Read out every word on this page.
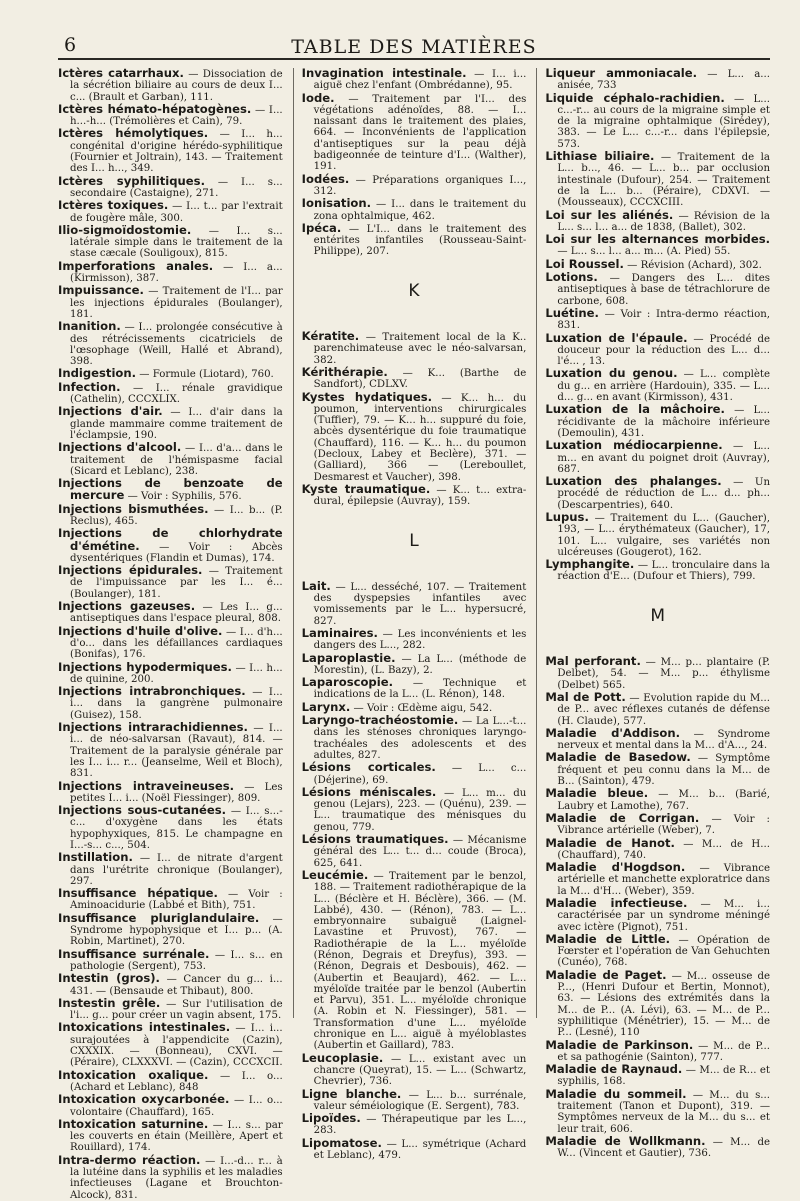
6	TABLE DES MATIÈRES
Ictères catarrhaux. — Dissociation de la sécrétion biliaire au cours de deux I... c... (Brault et Garban), 111.
Ictères hémato-hépatogènes. — I... h...-h... (Trémolières et Cain), 79.
Ictères hémolytiques. — I... h... congénital d'origine hérédo-syphilitique (Fournier et Joltrain), 143. — Traitement des I... h..., 349.
Ictères syphilitiques. — I... s... secondaire (Castaigne), 271.
Ictères toxiques. — I... t... par l'extrait de fougère mâle, 300.
Ilio-sigmoïdostomie. — I... s... latérale simple dans le traitement de la stase cæcale (Souligoux), 815.
Imperforations anales. — I... a... (Kirmisson), 387.
Impuissance. — Traitement de l'I... par les injections épidurales (Boulanger), 181.
Inanition. — I... prolongée consécutive à des rétrécissements cicatriciels de l'œsophage (Weill, Hallé et Abrand), 398.
Indigestion. — Formule (Liotard), 760.
Infection. — I... rénale gravidique (Cathelin), CCCXLIX.
Injections d'air. — I... d'air dans la glande mammaire comme traitement de l'éclampsie, 190.
Injections d'alcool. — I... d'a... dans le traitement de l'hémispasme facial (Sicard et Leblanc), 238.
Injections de benzoate de mercure — Voir : Syphilis, 576.
Injections bismuthées. — I... b... (P. Reclus), 465.
Injections de chlorhydrate d'émétine. — Voir : Abcès dysentériques (Flandin et Dumas), 174.
Injections épidurales. — Traitement de l'impuissance par les I... é... (Boulanger), 181.
Injections gazeuses. — Les I... g... antiseptiques dans l'espace pleural, 808.
Injections d'huile d'olive. — I... d'h... d'o... dans les défaillances cardiaques (Bonifas), 176.
Injections hypodermiques. — I... h... de quinine, 200.
Injections intrabronchiques. — I... i... dans la gangrène pulmonaire (Guisez), 158.
Injections intrarachidiennes. — I... i... de néo-salvarsan (Ravaut), 814. — Traitement de la paralysie générale par les I... i... r... (Jeanselme, Weil et Bloch), 831.
Injections intraveineuses. — Les petites I... i... (Noël Fiessinger), 809.
Injections sous-cutanées. — I... s...-c... d'oxygène dans les états hypophyxiques, 815. Le champagne en I...-s... c..., 504.
Instillation. — I... de nitrate d'argent dans l'urétrite chronique (Boulanger), 297.
Insuffisance hépatique. — Voir : Aminoacidurie (Labbé et Bith), 751.
Insuffisance pluriglandulaire. — Syndrome hypophysique et I... p... (A. Robin, Martinet), 270.
Insuffisance surrénale. — I... s... en pathologie (Sergent), 753.
Intestin (gros). — Cancer du g... i... 431. — (Bensaude et Thibaut), 800.
Instestin grêle. — Sur l'utilisation de l'i... g... pour créer un vagin absent, 175.
Intoxications intestinales. — I... i... surajoutées à l'appendicite (Cazin), CXXXIX. — (Bonneau), CXVI. — (Péraire), CLXXXVI. — (Cazin), CCCXCII.
Intoxication oxalique. — I... o... (Achard et Leblanc), 848
Intoxication oxycarbonée. — I... o... volontaire (Chauffard), 165.
Intoxication saturnine. — I... s... par les couverts en étain (Meillère, Apert et Rouillard), 174.
Intra-dermo réaction. — I...-d... r... à la lutéine dans la syphilis et les maladies infectieuses (Lagane et Brouchton-Alcock), 831.
Invagination intestinale. — I... i... aiguë chez l'enfant (Ombrédanne), 95.
Iode. — Traitement par l'I... des végétations adénoïdes, 88. — I... naissant dans le traitement des plaies, 664. — Inconvénients de l'application d'antiseptiques sur la peau déjà badigeonnée de teinture d'I... (Walther), 191.
Iodées. — Préparations organiques I..., 312.
Ionisation. — I... dans le traitement du zona ophtalmique, 462.
Ipéca. — L'I... dans le traitement des entérites infantiles (Rousseau-Saint-Philippe), 207.
K
Kératite. — Traitement local de la K.. parenchimateuse avec le néo-salvarsan, 382.
Kérithérapie. — K... (Barthe de Sandfort), CDLXV.
Kystes hydatiques. — K... h... du poumon, interventions chirurgicales (Tuffier), 79. — K... h... suppuré du foie, abcès dysentérique du foie traumatique (Chauffard), 116. — K... h... du poumon (Decloux, Labey et Beclère), 371. — (Galliard), 366 — (Lereboullet, Desmarest et Vaucher), 398.
Kyste traumatique. — K... t... extra-dural, épilepsie (Auvray), 159.
L
Lait. — L... desséché, 107. — Traitement des dyspepsies infantiles avec vomissements par le L... hypersucré, 827.
Laminaires. — Les inconvénients et les dangers des L..., 282.
Laparoplastie. — La L... (méthode de Morestin), (L. Bazy), 2.
Laparoscopie. — Technique et indications de la L... (L. Rénon), 148.
Larynx. — Voir : Œdème aigu, 542.
Laryngo-trachéostomie. — La L...-t... dans les sténoses chroniques laryngo-trachéales des adolescents et des adultes, 827.
Lésions corticales. — L... c... (Déjerine), 69.
Lésions méniscales. — L... m... du genou (Lejars), 223. — (Quénu), 239. — L... traumatique des ménisques du genou, 779.
Lésions traumatiques. — Mécanisme général des L... t... d... coude (Broca), 625, 641.
Leucémie. — Traitement par le benzol, 188. — Traitement radiothérapique de la L... (Béclère et H. Béclère), 366. — (M. Labbé), 430. — (Rénon), 783. — L... embryonnaire subaiguë (Laignel-Lavastine et Pruvost), 767. — Radiothérapie de la L... myéloïde (Rénon, Degrais et Dreyfus), 393. — (Rénon, Degrais et Desbouis), 462. — (Aubertin et Beaujard), 462. — L... myéloïde traitée par le benzol (Aubertin et Parvu), 351. L... myéloïde chronique (A. Robin et N. Fiessinger), 581. — Transformation d'une L... myéloïde chronique en L... aiguë à myéloblastes (Aubertin et Gaillard), 783.
Leucoplasie. — L... existant avec un chancre (Queyrat), 15. — L... (Schwartz, Chevrier), 736.
Ligne blanche. — L... b... surrénale, valeur séméiologique (E. Sergent), 783.
Lipoïdes. — Thérapeutique par les L..., 283.
Lipomatose. — L... symétrique (Achard et Leblanc), 479.
Liqueur ammoniacale. — L... a... anisée, 733
Liquide céphalo-rachidien. — L... c...-r... au cours de la migraine simple et de la migraine ophtalmique (Sirédey), 383. — Le L... c...-r... dans l'épilepsie, 573.
Lithiase biliaire. — Traitement de la L... b..., 46. — L... b... par occlusion intestinale (Dufour), 254. — Traitement de la L... b... (Péraire), CDXVI. — (Mousseaux), CCCXCIII.
Loi sur les aliénés. — Révision de la L... s... l... a... de 1838, (Ballet), 302.
Loi sur les alternances morbides. — L... s... l... a... m... (A. Pied) 55.
Loi Roussel. — Révision (Achard), 302.
Lotions. — Dangers des L... dites antiseptiques à base de tétrachlorure de carbone, 608.
Luétine. — Voir : Intra-dermo réaction, 831.
Luxation de l'épaule. — Procédé de douceur pour la réduction des L... d... l'é... , 13.
Luxation du genou. — L... complète du g... en arrière (Hardouin), 335. — L... d... g... en avant (Kirmisson), 431.
Luxation de la mâchoire. — L... récidivante de la mâchoire inférieure (Demoulin), 431.
Luxation médiocarpienne. — L... m... en avant du poignet droit (Auvray), 687.
Luxation des phalanges. — Un procédé de réduction de L... d... ph... (Descarpentries), 640.
Lupus. — Traitement du L... (Gaucher), 193, — L... érythémateux (Gaucher), 17, 101. L... vulgaire, ses variétés non ulcéreuses (Gougerot), 162.
Lymphangite. — L... tronculaire dans la réaction d'E... (Dufour et Thiers), 799.
M
Mal perforant. — M... p... plantaire (P. Delbet), 54. — M... p... éthylisme (Delbet) 565.
Mal de Pott. — Evolution rapide du M... de P... avec réflexes cutanés de défense (H. Claude), 577.
Maladie d'Addison. — Syndrome nerveux et mental dans la M... d'A..., 24.
Maladie de Basedow. — Symptôme fréquent et peu connu dans la M... de B... (Sainton), 479.
Maladie bleue. — M... b... (Barié, Laubry et Lamothe), 767.
Maladie de Corrigan. — Voir : Vibrance artérielle (Weber), 7.
Maladie de Hanot. — M... de H... (Chauffard), 740.
Maladie d'Hogdson. — Vibrance artérielle et manchette exploratrice dans la M... d'H... (Weber), 359.
Maladie infectieuse. — M... i... caractérisée par un syndrome méningé avec ictère (Pignot), 751.
Maladie de Little. — Opération de Fœrster et l'opération de Van Gehuchten (Cunéo), 768.
Maladie de Paget. — M... osseuse de P..., (Henri Dufour et Bertin, Monnot), 63. — Lésions des extrémités dans la M... de P... (A. Lévi), 63. — M... de P... syphilitique (Ménétrier), 15. — M... de P... (Lesné), 110
Maladie de Parkinson. — M... de P... et sa pathogénie (Sainton), 777.
Maladie de Raynaud. — M... de R... et syphilis, 168.
Maladie du sommeil. — M... du s... traitement (Tanon et Dupont), 319. — Symptômes nerveux de la M... du s... et leur trait, 606.
Maladie de Wollkmann. — M... de W... (Vincent et Gautier), 736.
